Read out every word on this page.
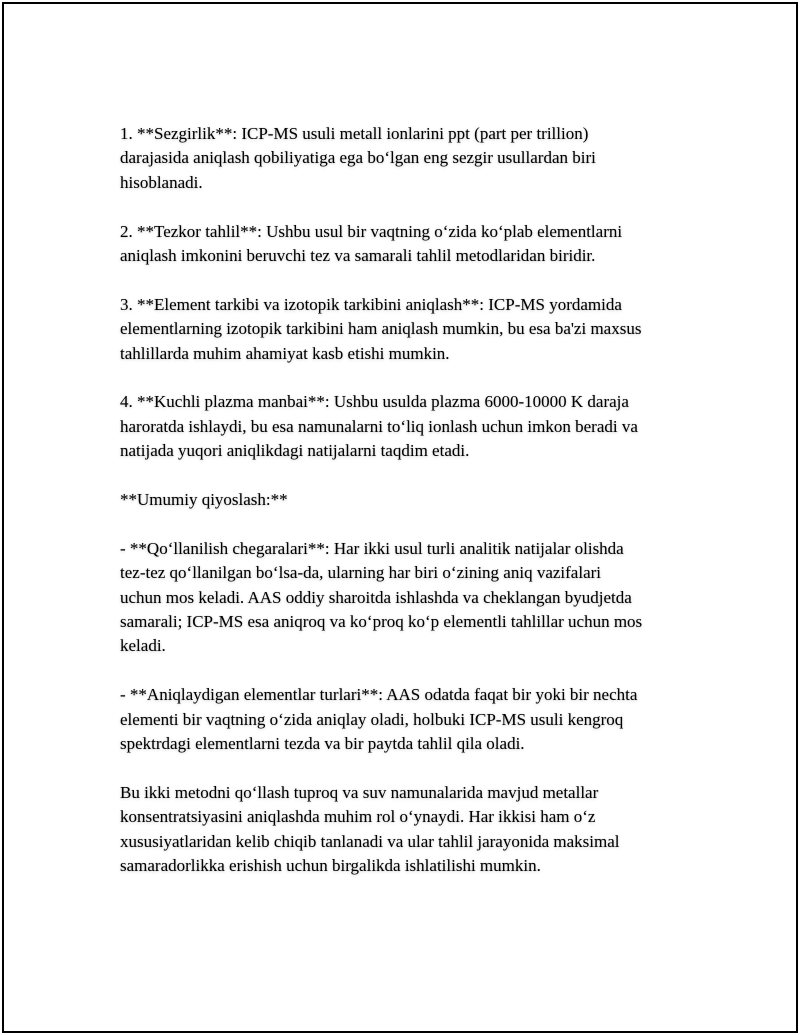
1. **Sezgirlik**: ICP-MS usuli metall ionlarini ppt (part per trillion)
darajasida aniqlash qobiliyatiga ega bo‘lgan eng sezgir usullardan biri
hisoblanadi.

2. **Tezkor tahlil**: Ushbu usul bir vaqtning o‘zida ko‘plab elementlarni
aniqlash imkonini beruvchi tez va samarali tahlil metodlaridan biridir.

3. **Element tarkibi va izotopik tarkibini aniqlash**: ICP-MS yordamida
elementlarning izotopik tarkibini ham aniqlash mumkin, bu esa ba'zi maxsus
tahlillarda muhim ahamiyat kasb etishi mumkin.

4. **Kuchli plazma manbai**: Ushbu usulda plazma 6000-10000 K daraja
haroratda ishlaydi, bu esa namunalarni to‘liq ionlash uchun imkon beradi va
natijada yuqori aniqlikdagi natijalarni taqdim etadi.

**Umumiy qiyoslash:**

- **Qo‘llanilish chegaralari**: Har ikki usul turli analitik natijalar olishda
tez-tez qo‘llanilgan bo‘lsa-da, ularning har biri o‘zining aniq vazifalari
uchun mos keladi. AAS oddiy sharoitda ishlashda va cheklangan byudjetda
samarali; ICP-MS esa aniqroq va ko‘proq ko‘p elementli tahlillar uchun mos
keladi.

- **Aniqlaydigan elementlar turlari**: AAS odatda faqat bir yoki bir nechta
elementi bir vaqtning o‘zida aniqlay oladi, holbuki ICP-MS usuli kengroq
spektrdagi elementlarni tezda va bir paytda tahlil qila oladi.

Bu ikki metodni qo‘llash tuproq va suv namunalarida mavjud metallar
konsentratsiyasini aniqlashda muhim rol o‘ynaydi. Har ikkisi ham o‘z
xususiyatlaridan kelib chiqib tanlanadi va ular tahlil jarayonida maksimal
samaradorlikka erishish uchun birgalikda ishlatilishi mumkin.
